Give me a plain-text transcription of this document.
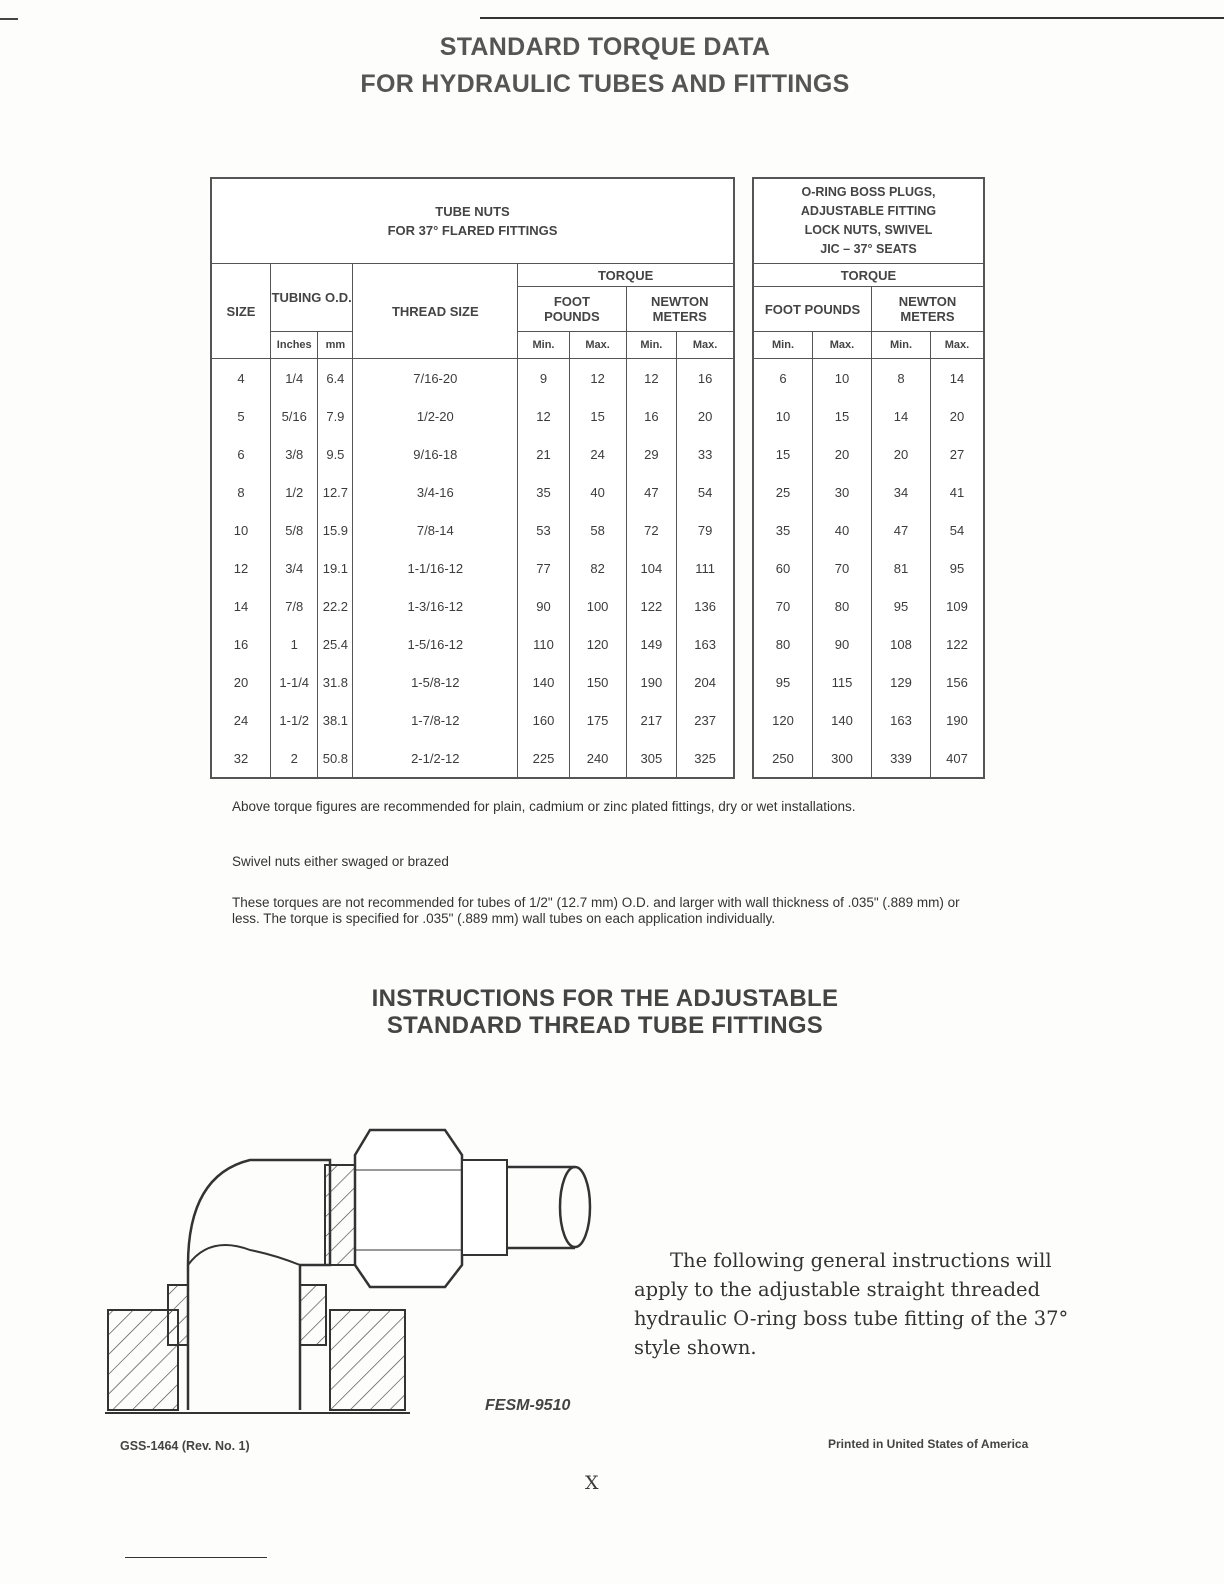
STANDARD TORQUE DATA
FOR HYDRAULIC TUBES AND FITTINGS
TUBE NUTS
FOR 37° FLARED FITTINGS							
SIZE	TUBING O.D.		THREAD SIZE	TORQUE			
				FOOT POUNDS		NEWTON METERS	
	Inches	mm		Min.	Max.	Min.	Max.
4	1/4	6.4	7/16-20	9	12	12	16
5	5/16	7.9	1/2-20	12	15	16	20
6	3/8	9.5	9/16-18	21	24	29	33
8	1/2	12.7	3/4-16	35	40	47	54
10	5/8	15.9	7/8-14	53	58	72	79
12	3/4	19.1	1-1/16-12	77	82	104	111
14	7/8	22.2	1-3/16-12	90	100	122	136
16	1	25.4	1-5/16-12	110	120	149	163
20	1-1/4	31.8	1-5/8-12	140	150	190	204
24	1-1/2	38.1	1-7/8-12	160	175	217	237
32	2	50.8	2-1/2-12	225	240	305	325
O-RING BOSS PLUGS,
ADJUSTABLE FITTING
LOCK NUTS, SWIVEL
JIC – 37° SEATS			
TORQUE			
FOOT POUNDS		NEWTON METERS	
Min.	Max.	Min.	Max.
6	10	8	14
10	15	14	20
15	20	20	27
25	30	34	41
35	40	47	54
60	70	81	95
70	80	95	109
80	90	108	122
95	115	129	156
120	140	163	190
250	300	339	407
Above torque figures are recommended for plain, cadmium or zinc plated fittings, dry or wet installations.
Swivel nuts either swaged or brazed
These torques are not recommended for tubes of 1/2" (12.7 mm) O.D. and larger with wall thickness of .035" (.889 mm) or less. The torque is specified for .035" (.889 mm) wall tubes on each application individually.
INSTRUCTIONS FOR THE ADJUSTABLE
STANDARD THREAD TUBE FITTINGS
FESM-9510
The following general instructions will apply to the adjustable straight threaded hydraulic O-ring boss tube fitting of the 37° style shown.
GSS-1464 (Rev. No. 1)	Printed in United States of America
X
